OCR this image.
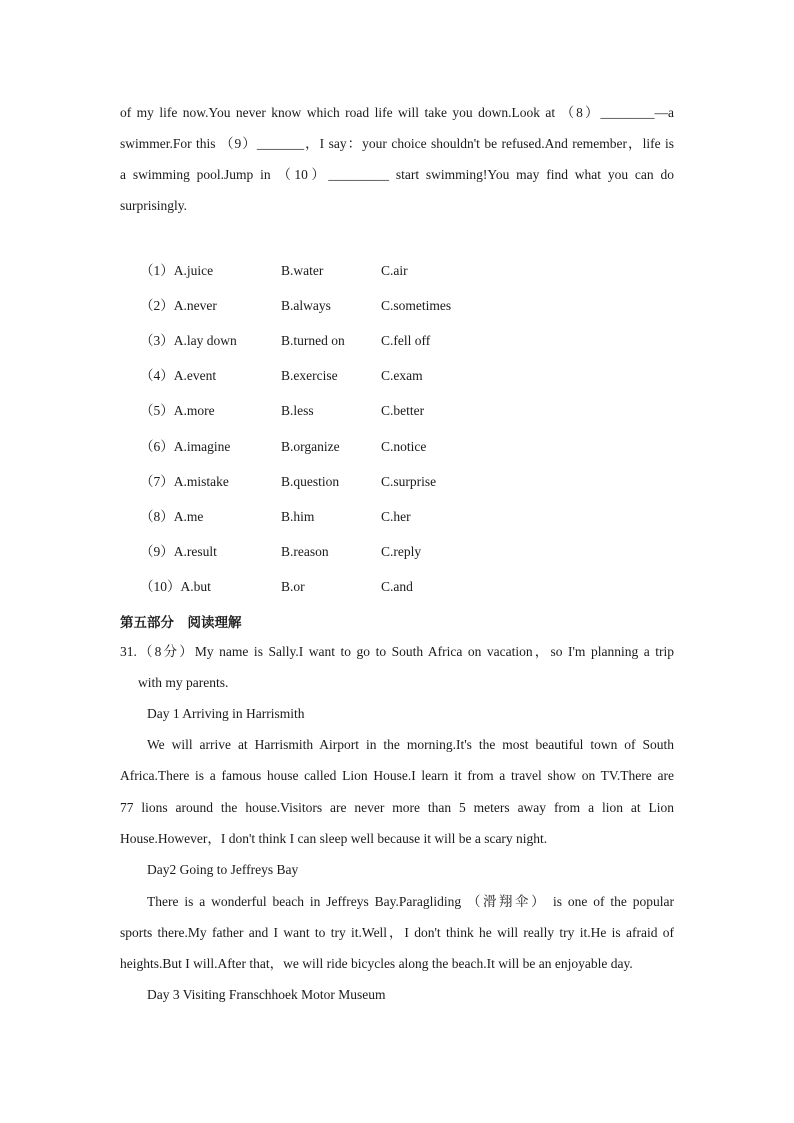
of my life now.You never know which road life will take you down.Look at （8）________—a
swimmer.For this （9）_______，I say：your choice shouldn't be refused.And remember，life is
a swimming pool.Jump in （10）_________ start swimming!You may find what you can do
surprisingly.
（1）A.juice	B.water	C.air
（2）A.never	B.always	C.sometimes
（3）A.lay down	B.turned on	C.fell off
（4）A.event	B.exercise	C.exam
（5）A.more	B.less	C.better
（6）A.imagine	B.organize	C.notice
（7）A.mistake	B.question	C.surprise
（8）A.me	B.him	C.her
（9）A.result	B.reason	C.reply
（10）A.but	B.or	C.and
第五部分　阅读理解
31.（8分）My name is Sally.I want to go to South Africa on vacation，so I'm planning a trip
with my parents.
Day 1 Arriving in Harrismith
We will arrive at Harrismith Airport in the morning.It's the most beautiful town of South
Africa.There is a famous house called Lion House.I learn it from a travel show on TV.There are
77 lions around the house.Visitors are never more than 5 meters away from a lion at Lion
House.However，I don't think I can sleep well because it will be a scary night.
Day2 Going to Jeffreys Bay
There is a wonderful beach in Jeffreys Bay.Paragliding （滑翔伞） is one of the popular
sports there.My father and I want to try it.Well，I don't think he will really try it.He is afraid of
heights.But I will.After that，we will ride bicycles along the beach.It will be an enjoyable day.
Day 3 Visiting Franschhoek Motor Museum
